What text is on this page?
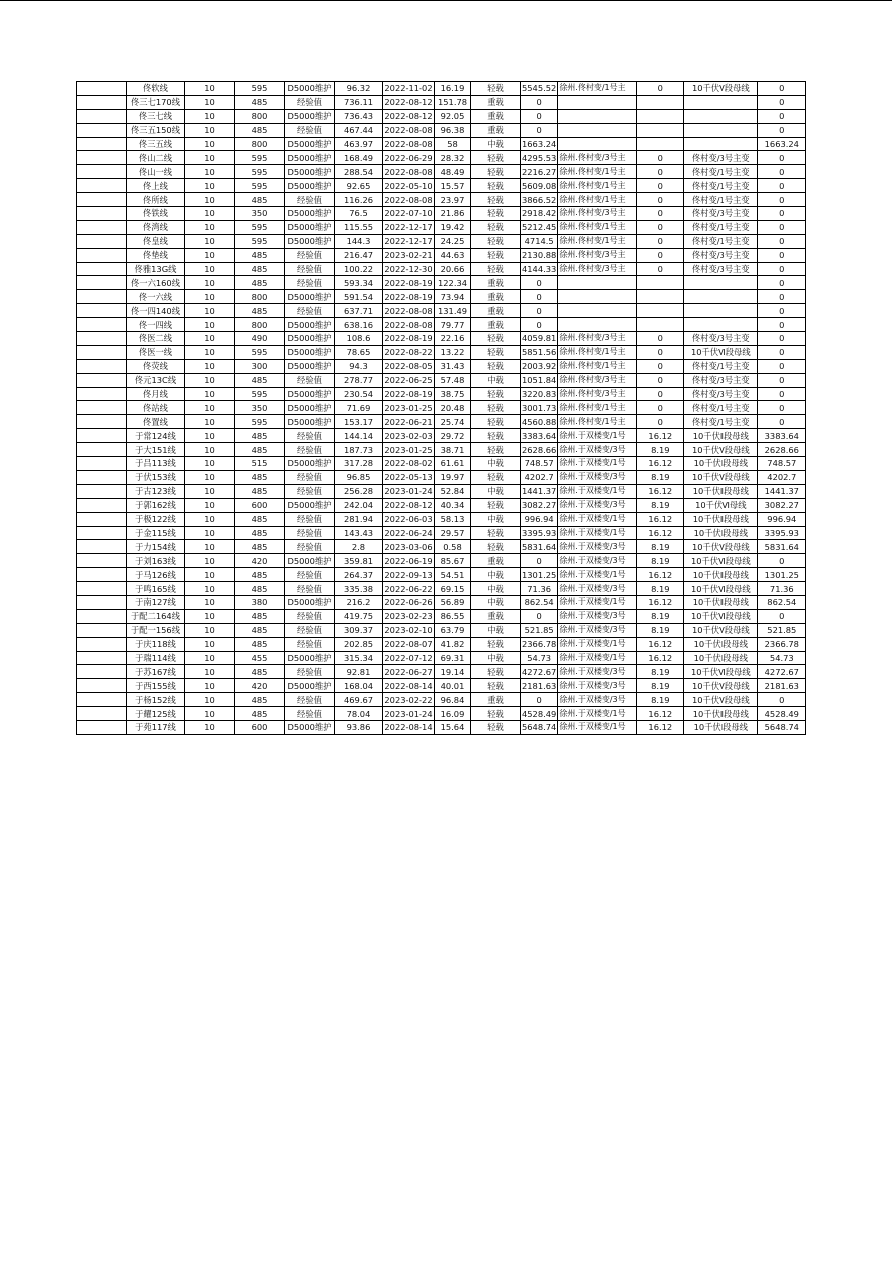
	佟软线	10	595	D5000维护	96.32	2022-11-02	16.19	轻载	5545.52	徐州.佟村变/1号主	0	10千伏Ⅴ段母线	0
	佟三七170线	10	485	经验值	736.11	2022-08-12	151.78	重载	0				0
	佟三七线	10	800	D5000维护	736.43	2022-08-12	92.05	重载	0				0
	佟三五150线	10	485	经验值	467.44	2022-08-08	96.38	重载	0				0
	佟三五线	10	800	D5000维护	463.97	2022-08-08	58	中载	1663.24				1663.24
	佟山二线	10	595	D5000维护	168.49	2022-06-29	28.32	轻载	4295.53	徐州.佟村变/3号主	0	佟村变/3号主变	0
	佟山一线	10	595	D5000维护	288.54	2022-08-08	48.49	轻载	2216.27	徐州.佟村变/1号主	0	佟村变/1号主变	0
	佟上线	10	595	D5000维护	92.65	2022-05-10	15.57	轻载	5609.08	徐州.佟村变/1号主	0	佟村变/1号主变	0
	佟所线	10	485	经验值	116.26	2022-08-08	23.97	轻载	3866.52	徐州.佟村变/1号主	0	佟村变/1号主变	0
	佟铁线	10	350	D5000维护	76.5	2022-07-10	21.86	轻载	2918.42	徐州.佟村变/3号主	0	佟村变/3号主变	0
	佟湾线	10	595	D5000维护	115.55	2022-12-17	19.42	轻载	5212.45	徐州.佟村变/1号主	0	佟村变/1号主变	0
	佟皇线	10	595	D5000维护	144.3	2022-12-17	24.25	轻载	4714.5	徐州.佟村变/1号主	0	佟村变/1号主变	0
	佟垫线	10	485	经验值	216.47	2023-02-21	44.63	轻载	2130.88	徐州.佟村变/3号主	0	佟村变/3号主变	0
	佟雅13G线	10	485	经验值	100.22	2022-12-30	20.66	轻载	4144.33	徐州.佟村变/3号主	0	佟村变/3号主变	0
	佟一六160线	10	485	经验值	593.34	2022-08-19	122.34	重载	0				0
	佟一六线	10	800	D5000维护	591.54	2022-08-19	73.94	重载	0				0
	佟一四140线	10	485	经验值	637.71	2022-08-08	131.49	重载	0				0
	佟一四线	10	800	D5000维护	638.16	2022-08-08	79.77	重载	0				0
	佟医二线	10	490	D5000维护	108.6	2022-08-19	22.16	轻载	4059.81	徐州.佟村变/3号主	0	佟村变/3号主变	0
	佟医一线	10	595	D5000维护	78.65	2022-08-22	13.22	轻载	5851.56	徐州.佟村变/1号主	0	10千伏Ⅵ段母线	0
	佟荧线	10	300	D5000维护	94.3	2022-08-05	31.43	轻载	2003.92	徐州.佟村变/1号主	0	佟村变/1号主变	0
	佟元13C线	10	485	经验值	278.77	2022-06-25	57.48	中载	1051.84	徐州.佟村变/3号主	0	佟村变/3号主变	0
	佟月线	10	595	D5000维护	230.54	2022-08-19	38.75	轻载	3220.83	徐州.佟村变/3号主	0	佟村变/3号主变	0
	佟站线	10	350	D5000维护	71.69	2023-01-25	20.48	轻载	3001.73	徐州.佟村变/1号主	0	佟村变/1号主变	0
	佟置线	10	595	D5000维护	153.17	2022-06-21	25.74	轻载	4560.88	徐州.佟村变/1号主	0	佟村变/1号主变	0
	于常124线	10	485	经验值	144.14	2023-02-03	29.72	轻载	3383.64	徐州.于双楼变/1号	16.12	10千伏Ⅱ段母线	3383.64
	于大151线	10	485	经验值	187.73	2023-01-25	38.71	轻载	2628.66	徐州.于双楼变/3号	8.19	10千伏Ⅴ段母线	2628.66
	于吕113线	10	515	D5000维护	317.28	2022-08-02	61.61	中载	748.57	徐州.于双楼变/1号	16.12	10千伏Ⅰ段母线	748.57
	于伏153线	10	485	经验值	96.85	2022-05-13	19.97	轻载	4202.7	徐州.于双楼变/3号	8.19	10千伏Ⅴ段母线	4202.7
	于古123线	10	485	经验值	256.28	2023-01-24	52.84	中载	1441.37	徐州.于双楼变/1号	16.12	10千伏Ⅱ段母线	1441.37
	于郭162线	10	600	D5000维护	242.04	2022-08-12	40.34	轻载	3082.27	徐州.于双楼变/3号	8.19	10千伏Ⅵ母线	3082.27
	于极122线	10	485	经验值	281.94	2022-06-03	58.13	中载	996.94	徐州.于双楼变/1号	16.12	10千伏Ⅱ段母线	996.94
	于金115线	10	485	经验值	143.43	2022-06-24	29.57	轻载	3395.93	徐州.于双楼变/1号	16.12	10千伏Ⅰ段母线	3395.93
	于力154线	10	485	经验值	2.8	2023-03-06	0.58	轻载	5831.64	徐州.于双楼变/3号	8.19	10千伏Ⅴ段母线	5831.64
	于刘163线	10	420	D5000维护	359.81	2022-06-19	85.67	重载	0	徐州.于双楼变/3号	8.19	10千伏Ⅵ段母线	0
	于马126线	10	485	经验值	264.37	2022-09-13	54.51	中载	1301.25	徐州.于双楼变/1号	16.12	10千伏Ⅱ段母线	1301.25
	于鸣165线	10	485	经验值	335.38	2022-06-22	69.15	中载	71.36	徐州.于双楼变/3号	8.19	10千伏Ⅵ段母线	71.36
	于南127线	10	380	D5000维护	216.2	2022-06-26	56.89	中载	862.54	徐州.于双楼变/1号	16.12	10千伏Ⅱ段母线	862.54
	于配二164线	10	485	经验值	419.75	2023-02-23	86.55	重载	0	徐州.于双楼变/3号	8.19	10千伏Ⅵ段母线	0
	于配一156线	10	485	经验值	309.37	2023-02-10	63.79	中载	521.85	徐州.于双楼变/3号	8.19	10千伏Ⅴ段母线	521.85
	于庆118线	10	485	经验值	202.85	2022-08-07	41.82	轻载	2366.78	徐州.于双楼变/1号	16.12	10千伏Ⅰ段母线	2366.78
	于瑞114线	10	455	D5000维护	315.34	2022-07-12	69.31	中载	54.73	徐州.于双楼变/1号	16.12	10千伏Ⅰ段母线	54.73
	于苏167线	10	485	经验值	92.81	2022-06-27	19.14	轻载	4272.67	徐州.于双楼变/3号	8.19	10千伏Ⅵ段母线	4272.67
	于西155线	10	420	D5000维护	168.04	2022-08-14	40.01	轻载	2181.63	徐州.于双楼变/3号	8.19	10千伏Ⅴ段母线	2181.63
	于杨152线	10	485	经验值	469.67	2023-02-22	96.84	重载	0	徐州.于双楼变/3号	8.19	10千伏Ⅴ段母线	0
	于耀125线	10	485	经验值	78.04	2023-01-24	16.09	轻载	4528.49	徐州.于双楼变/1号	16.12	10千伏Ⅱ段母线	4528.49
	于苑117线	10	600	D5000维护	93.86	2022-08-14	15.64	轻载	5648.74	徐州.于双楼变/1号	16.12	10千伏Ⅰ段母线	5648.74
